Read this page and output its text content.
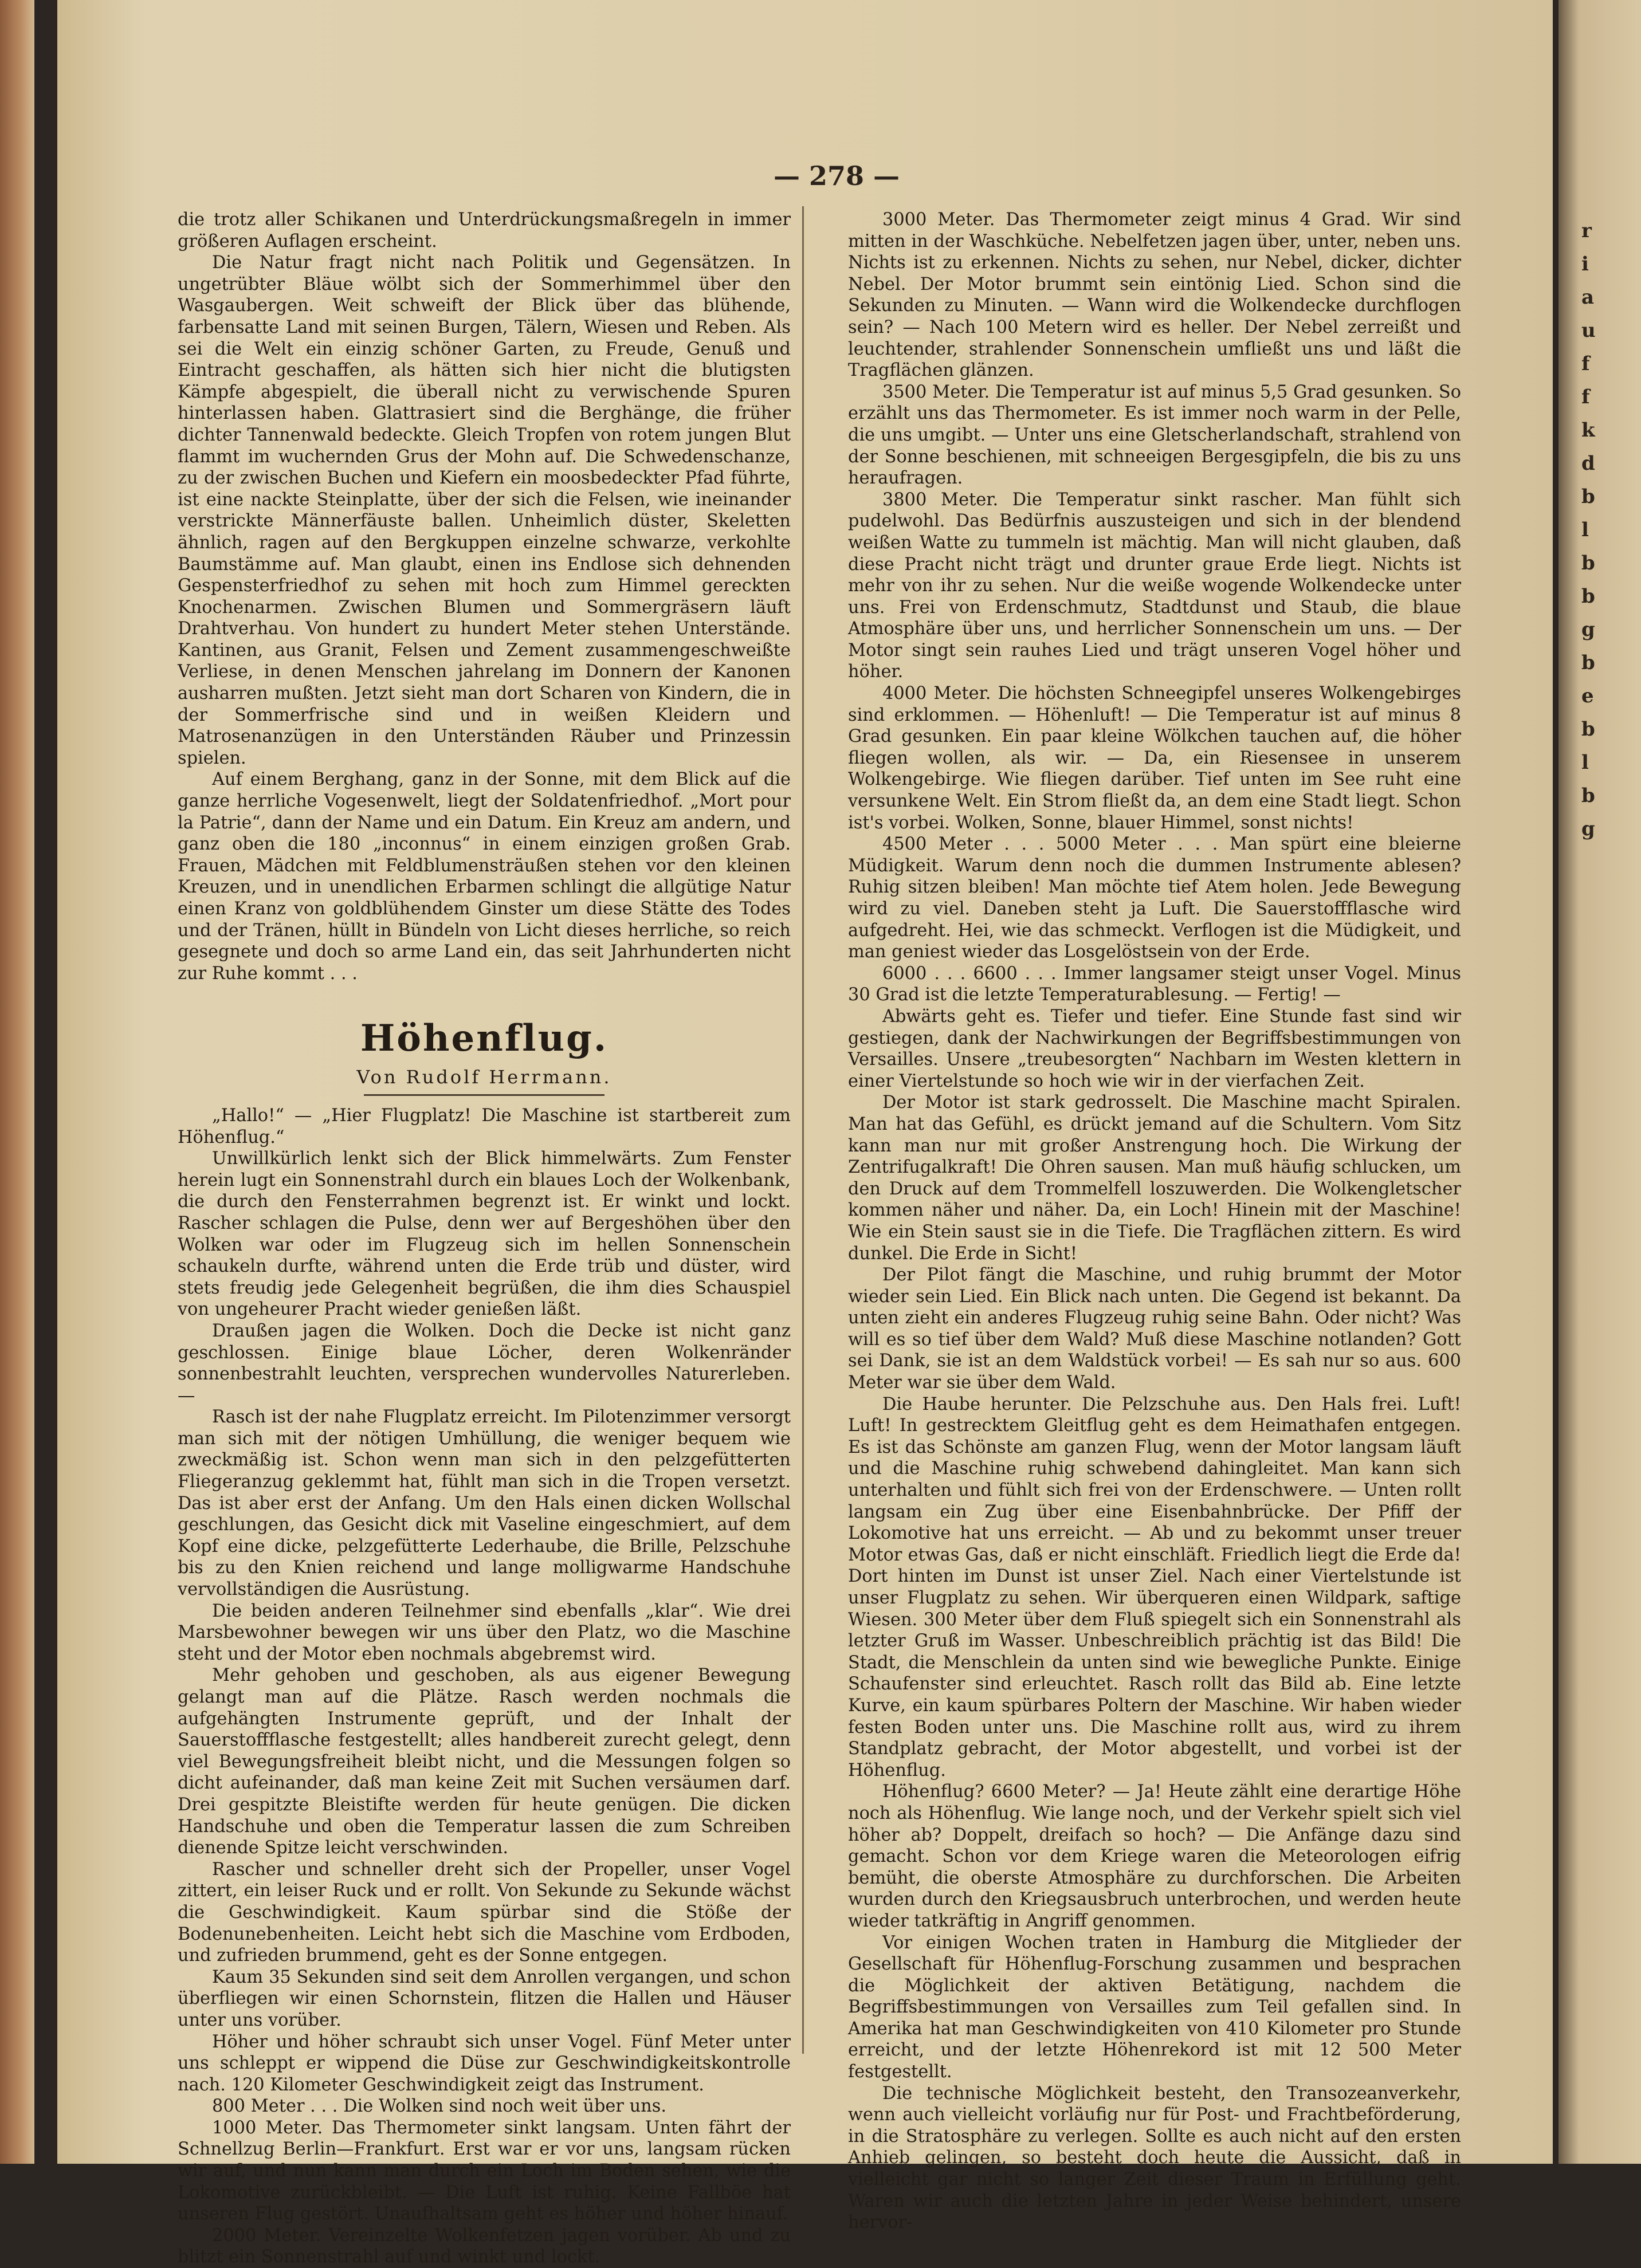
r
i
a
u
f
f
k
d
b
l
b
b
g
b
e
b
l
b
g
— 278 —

die trotz aller Schikanen und Unterdrückungsmaßregeln in immer größeren Auflagen erscheint.

Die Natur fragt nicht nach Politik und Gegensätzen. In ungetrübter Bläue wölbt sich der Sommerhimmel über den Wasgaubergen. Weit schweift der Blick über das blühende, farbensatte Land mit seinen Burgen, Tälern, Wiesen und Reben. Als sei die Welt ein einzig schöner Garten, zu Freude, Genuß und Eintracht geschaffen, als hätten sich hier nicht die blutigsten Kämpfe abgespielt, die überall nicht zu verwischende Spuren hinterlassen haben. Glattrasiert sind die Berghänge, die früher dichter Tannenwald bedeckte. Gleich Tropfen von rotem jungen Blut flammt im wuchernden Grus der Mohn auf. Die Schwedenschanze, zu der zwischen Buchen und Kiefern ein moosbedeckter Pfad führte, ist eine nackte Steinplatte, über der sich die Felsen, wie ineinander verstrickte Männerfäuste ballen. Unheimlich düster, Skeletten ähnlich, ragen auf den Bergkuppen einzelne schwarze, verkohlte Baumstämme auf. Man glaubt, einen ins Endlose sich dehnenden Gespensterfriedhof zu sehen mit hoch zum Himmel gereckten Knochenarmen. Zwischen Blumen und Sommergräsern läuft Drahtverhau. Von hundert zu hundert Meter stehen Unterstände. Kantinen, aus Granit, Felsen und Zement zusammengeschweißte Verliese, in denen Menschen jahrelang im Donnern der Kanonen ausharren mußten. Jetzt sieht man dort Scharen von Kindern, die in der Sommerfrische sind und in weißen Kleidern und Matrosenanzügen in den Unterständen Räuber und Prinzessin spielen.

Auf einem Berghang, ganz in der Sonne, mit dem Blick auf die ganze herrliche Vogesenwelt, liegt der Soldatenfriedhof. „Mort pour la Patrie“, dann der Name und ein Datum. Ein Kreuz am andern, und ganz oben die 180 „inconnus“ in einem einzigen großen Grab. Frauen, Mädchen mit Feldblumensträußen stehen vor den kleinen Kreuzen, und in unendlichen Erbarmen schlingt die allgütige Natur einen Kranz von goldblühendem Ginster um diese Stätte des Todes und der Tränen, hüllt in Bündeln von Licht dieses herrliche, so reich gesegnete und doch so arme Land ein, das seit Jahrhunderten nicht zur Ruhe kommt . . .

Höhenflug.
Von Rudolf Herrmann.

„Hallo!“ — „Hier Flugplatz! Die Maschine ist startbereit zum Höhenflug.“

Unwillkürlich lenkt sich der Blick himmelwärts. Zum Fenster herein lugt ein Sonnenstrahl durch ein blaues Loch der Wolkenbank, die durch den Fensterrahmen begrenzt ist. Er winkt und lockt. Rascher schlagen die Pulse, denn wer auf Bergeshöhen über den Wolken war oder im Flugzeug sich im hellen Sonnenschein schaukeln durfte, während unten die Erde trüb und düster, wird stets freudig jede Gelegenheit begrüßen, die ihm dies Schauspiel von ungeheurer Pracht wieder genießen läßt.

Draußen jagen die Wolken. Doch die Decke ist nicht ganz geschlossen. Einige blaue Löcher, deren Wolkenränder sonnenbestrahlt leuchten, versprechen wundervolles Naturerleben. —

Rasch ist der nahe Flugplatz erreicht. Im Pilotenzimmer versorgt man sich mit der nötigen Umhüllung, die weniger bequem wie zweckmäßig ist. Schon wenn man sich in den pelzgefütterten Fliegeranzug geklemmt hat, fühlt man sich in die Tropen versetzt. Das ist aber erst der Anfang. Um den Hals einen dicken Wollschal geschlungen, das Gesicht dick mit Vaseline eingeschmiert, auf dem Kopf eine dicke, pelzgefütterte Lederhaube, die Brille, Pelzschuhe bis zu den Knien reichend und lange molligwarme Handschuhe vervollständigen die Ausrüstung.

Die beiden anderen Teilnehmer sind ebenfalls „klar“. Wie drei Marsbewohner bewegen wir uns über den Platz, wo die Maschine steht und der Motor eben nochmals abgebremst wird.

Mehr gehoben und geschoben, als aus eigener Bewegung gelangt man auf die Plätze. Rasch werden nochmals die aufgehängten Instrumente geprüft, und der Inhalt der Sauerstoffflasche festgestellt; alles handbereit zurecht gelegt, denn viel Bewegungsfreiheit bleibt nicht, und die Messungen folgen so dicht aufeinander, daß man keine Zeit mit Suchen versäumen darf. Drei gespitzte Bleistifte werden für heute genügen. Die dicken Handschuhe und oben die Temperatur lassen die zum Schreiben dienende Spitze leicht verschwinden.

Rascher und schneller dreht sich der Propeller, unser Vogel zittert, ein leiser Ruck und er rollt. Von Sekunde zu Sekunde wächst die Geschwindigkeit. Kaum spürbar sind die Stöße der Bodenunebenheiten. Leicht hebt sich die Maschine vom Erdboden, und zufrieden brummend, geht es der Sonne entgegen.

Kaum 35 Sekunden sind seit dem Anrollen vergangen, und schon überfliegen wir einen Schornstein, flitzen die Hallen und Häuser unter uns vorüber.

Höher und höher schraubt sich unser Vogel. Fünf Meter unter uns schleppt er wippend die Düse zur Geschwindigkeitskontrolle nach. 120 Kilometer Geschwindigkeit zeigt das Instrument.

800 Meter . . . Die Wolken sind noch weit über uns.

1000 Meter. Das Thermometer sinkt langsam. Unten fährt der Schnellzug Berlin—Frankfurt. Erst war er vor uns, langsam rücken wir auf, und nun kann man durch ein Loch im Boden sehen, wie die Lokomotive zurückbleibt. — Die Luft ist ruhig. Keine Fallböe hat unseren Flug gestört. Unaufhaltsam geht es höher und höher hinauf.

2000 Meter. Vereinzelte Wolkenfetzen jagen vorüber. Ab und zu blitzt ein Sonnenstrahl auf und winkt und lockt.

3000 Meter. Das Thermometer zeigt minus 4 Grad. Wir sind mitten in der Waschküche. Nebelfetzen jagen über, unter, neben uns. Nichts ist zu erkennen. Nichts zu sehen, nur Nebel, dicker, dichter Nebel. Der Motor brummt sein eintönig Lied. Schon sind die Sekunden zu Minuten. — Wann wird die Wolkendecke durchflogen sein? — Nach 100 Metern wird es heller. Der Nebel zerreißt und leuchtender, strahlender Sonnenschein umfließt uns und läßt die Tragflächen glänzen.

3500 Meter. Die Temperatur ist auf minus 5,5 Grad gesunken. So erzählt uns das Thermometer. Es ist immer noch warm in der Pelle, die uns umgibt. — Unter uns eine Gletscherlandschaft, strahlend von der Sonne beschienen, mit schneeigen Bergesgipfeln, die bis zu uns heraufragen.

3800 Meter. Die Temperatur sinkt rascher. Man fühlt sich pudelwohl. Das Bedürfnis auszusteigen und sich in der blendend weißen Watte zu tummeln ist mächtig. Man will nicht glauben, daß diese Pracht nicht trägt und drunter graue Erde liegt. Nichts ist mehr von ihr zu sehen. Nur die weiße wogende Wolkendecke unter uns. Frei von Erdenschmutz, Stadtdunst und Staub, die blaue Atmosphäre über uns, und herrlicher Sonnenschein um uns. — Der Motor singt sein rauhes Lied und trägt unseren Vogel höher und höher.

4000 Meter. Die höchsten Schneegipfel unseres Wolkengebirges sind erklommen. — Höhenluft! — Die Temperatur ist auf minus 8 Grad gesunken. Ein paar kleine Wölkchen tauchen auf, die höher fliegen wollen, als wir. — Da, ein Riesensee in unserem Wolkengebirge. Wie fliegen darüber. Tief unten im See ruht eine versunkene Welt. Ein Strom fließt da, an dem eine Stadt liegt. Schon ist's vorbei. Wolken, Sonne, blauer Himmel, sonst nichts!

4500 Meter . . . 5000 Meter . . . Man spürt eine bleierne Müdigkeit. Warum denn noch die dummen Instrumente ablesen? Ruhig sitzen bleiben! Man möchte tief Atem holen. Jede Bewegung wird zu viel. Daneben steht ja Luft. Die Sauerstoffflasche wird aufgedreht. Hei, wie das schmeckt. Verflogen ist die Müdigkeit, und man geniest wieder das Losgelöstsein von der Erde.

6000 . . . 6600 . . . Immer langsamer steigt unser Vogel. Minus 30 Grad ist die letzte Temperaturablesung. — Fertig! —

Abwärts geht es. Tiefer und tiefer. Eine Stunde fast sind wir gestiegen, dank der Nachwirkungen der Begriffsbestimmungen von Versailles. Unsere „treubesorgten“ Nachbarn im Westen klettern in einer Viertelstunde so hoch wie wir in der vierfachen Zeit.

Der Motor ist stark gedrosselt. Die Maschine macht Spiralen. Man hat das Gefühl, es drückt jemand auf die Schultern. Vom Sitz kann man nur mit großer Anstrengung hoch. Die Wirkung der Zentrifugalkraft! Die Ohren sausen. Man muß häufig schlucken, um den Druck auf dem Trommelfell loszuwerden. Die Wolkengletscher kommen näher und näher. Da, ein Loch! Hinein mit der Maschine! Wie ein Stein saust sie in die Tiefe. Die Tragflächen zittern. Es wird dunkel. Die Erde in Sicht!

Der Pilot fängt die Maschine, und ruhig brummt der Motor wieder sein Lied. Ein Blick nach unten. Die Gegend ist bekannt. Da unten zieht ein anderes Flugzeug ruhig seine Bahn. Oder nicht? Was will es so tief über dem Wald? Muß diese Maschine notlanden? Gott sei Dank, sie ist an dem Waldstück vorbei! — Es sah nur so aus. 600 Meter war sie über dem Wald.

Die Haube herunter. Die Pelzschuhe aus. Den Hals frei. Luft! Luft! In gestrecktem Gleitflug geht es dem Heimathafen entgegen. Es ist das Schönste am ganzen Flug, wenn der Motor langsam läuft und die Maschine ruhig schwebend dahingleitet. Man kann sich unterhalten und fühlt sich frei von der Erdenschwere. — Unten rollt langsam ein Zug über eine Eisenbahnbrücke. Der Pfiff der Lokomotive hat uns erreicht. — Ab und zu bekommt unser treuer Motor etwas Gas, daß er nicht einschläft. Friedlich liegt die Erde da! Dort hinten im Dunst ist unser Ziel. Nach einer Viertelstunde ist unser Flugplatz zu sehen. Wir überqueren einen Wildpark, saftige Wiesen. 300 Meter über dem Fluß spiegelt sich ein Sonnenstrahl als letzter Gruß im Wasser. Unbeschreiblich prächtig ist das Bild! Die Stadt, die Menschlein da unten sind wie bewegliche Punkte. Einige Schaufenster sind erleuchtet. Rasch rollt das Bild ab. Eine letzte Kurve, ein kaum spürbares Poltern der Maschine. Wir haben wieder festen Boden unter uns. Die Maschine rollt aus, wird zu ihrem Standplatz gebracht, der Motor abgestellt, und vorbei ist der Höhenflug.

Höhenflug? 6600 Meter? — Ja! Heute zählt eine derartige Höhe noch als Höhenflug. Wie lange noch, und der Verkehr spielt sich viel höher ab? Doppelt, dreifach so hoch? — Die Anfänge dazu sind gemacht. Schon vor dem Kriege waren die Meteorologen eifrig bemüht, die oberste Atmosphäre zu durchforschen. Die Arbeiten wurden durch den Kriegsausbruch unterbrochen, und werden heute wieder tatkräftig in Angriff genommen.

Vor einigen Wochen traten in Hamburg die Mitglieder der Gesellschaft für Höhenflug-Forschung zusammen und besprachen die Möglichkeit der aktiven Betätigung, nachdem die Begriffsbestimmungen von Versailles zum Teil gefallen sind. In Amerika hat man Geschwindigkeiten von 410 Kilometer pro Stunde erreicht, und der letzte Höhenrekord ist mit 12 500 Meter festgestellt.

Die technische Möglichkeit besteht, den Transozeanverkehr, wenn auch vielleicht vorläufig nur für Post- und Frachtbeförderung, in die Stratosphäre zu verlegen. Sollte es auch nicht auf den ersten Anhieb gelingen, so besteht doch heute die Aussicht, daß in vielleicht gar nicht so langer Zeit dieser Traum in Erfüllung geht. Waren wir auch die letzten Jahre in jeder Weise behindert, unsere hervor-
